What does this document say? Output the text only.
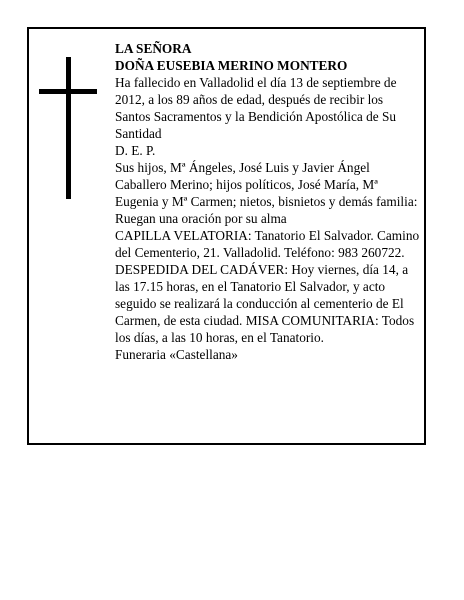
LA SEÑORA

DOÑA EUSEBIA MERINO MONTERO

Ha fallecido en Valladolid el día 13 de septiembre de 2012, a los 89 años de edad, después de recibir los Santos Sacramentos y la Bendición Apostólica de Su Santidad

D. E. P.

Sus hijos, Mª Ángeles, José Luis y Javier Ángel Caballero Merino; hijos políticos, José María, Mª Eugenia y Mª Carmen; nietos, bisnietos y demás familia:

Ruegan una oración por su alma

CAPILLA VELATORIA: Tanatorio El Salvador. Camino del Cementerio, 21. Valladolid. Teléfono: 983 260722.

DESPEDIDA DEL CADÁVER: Hoy viernes, día 14, a las 17.15 horas, en el Tanatorio El Salvador, y acto seguido se realizará la conducción al cementerio de El Carmen, de esta ciudad. MISA COMUNITARIA: Todos los días, a las 10 horas, en el Tanatorio.

Funeraria «Castellana»
